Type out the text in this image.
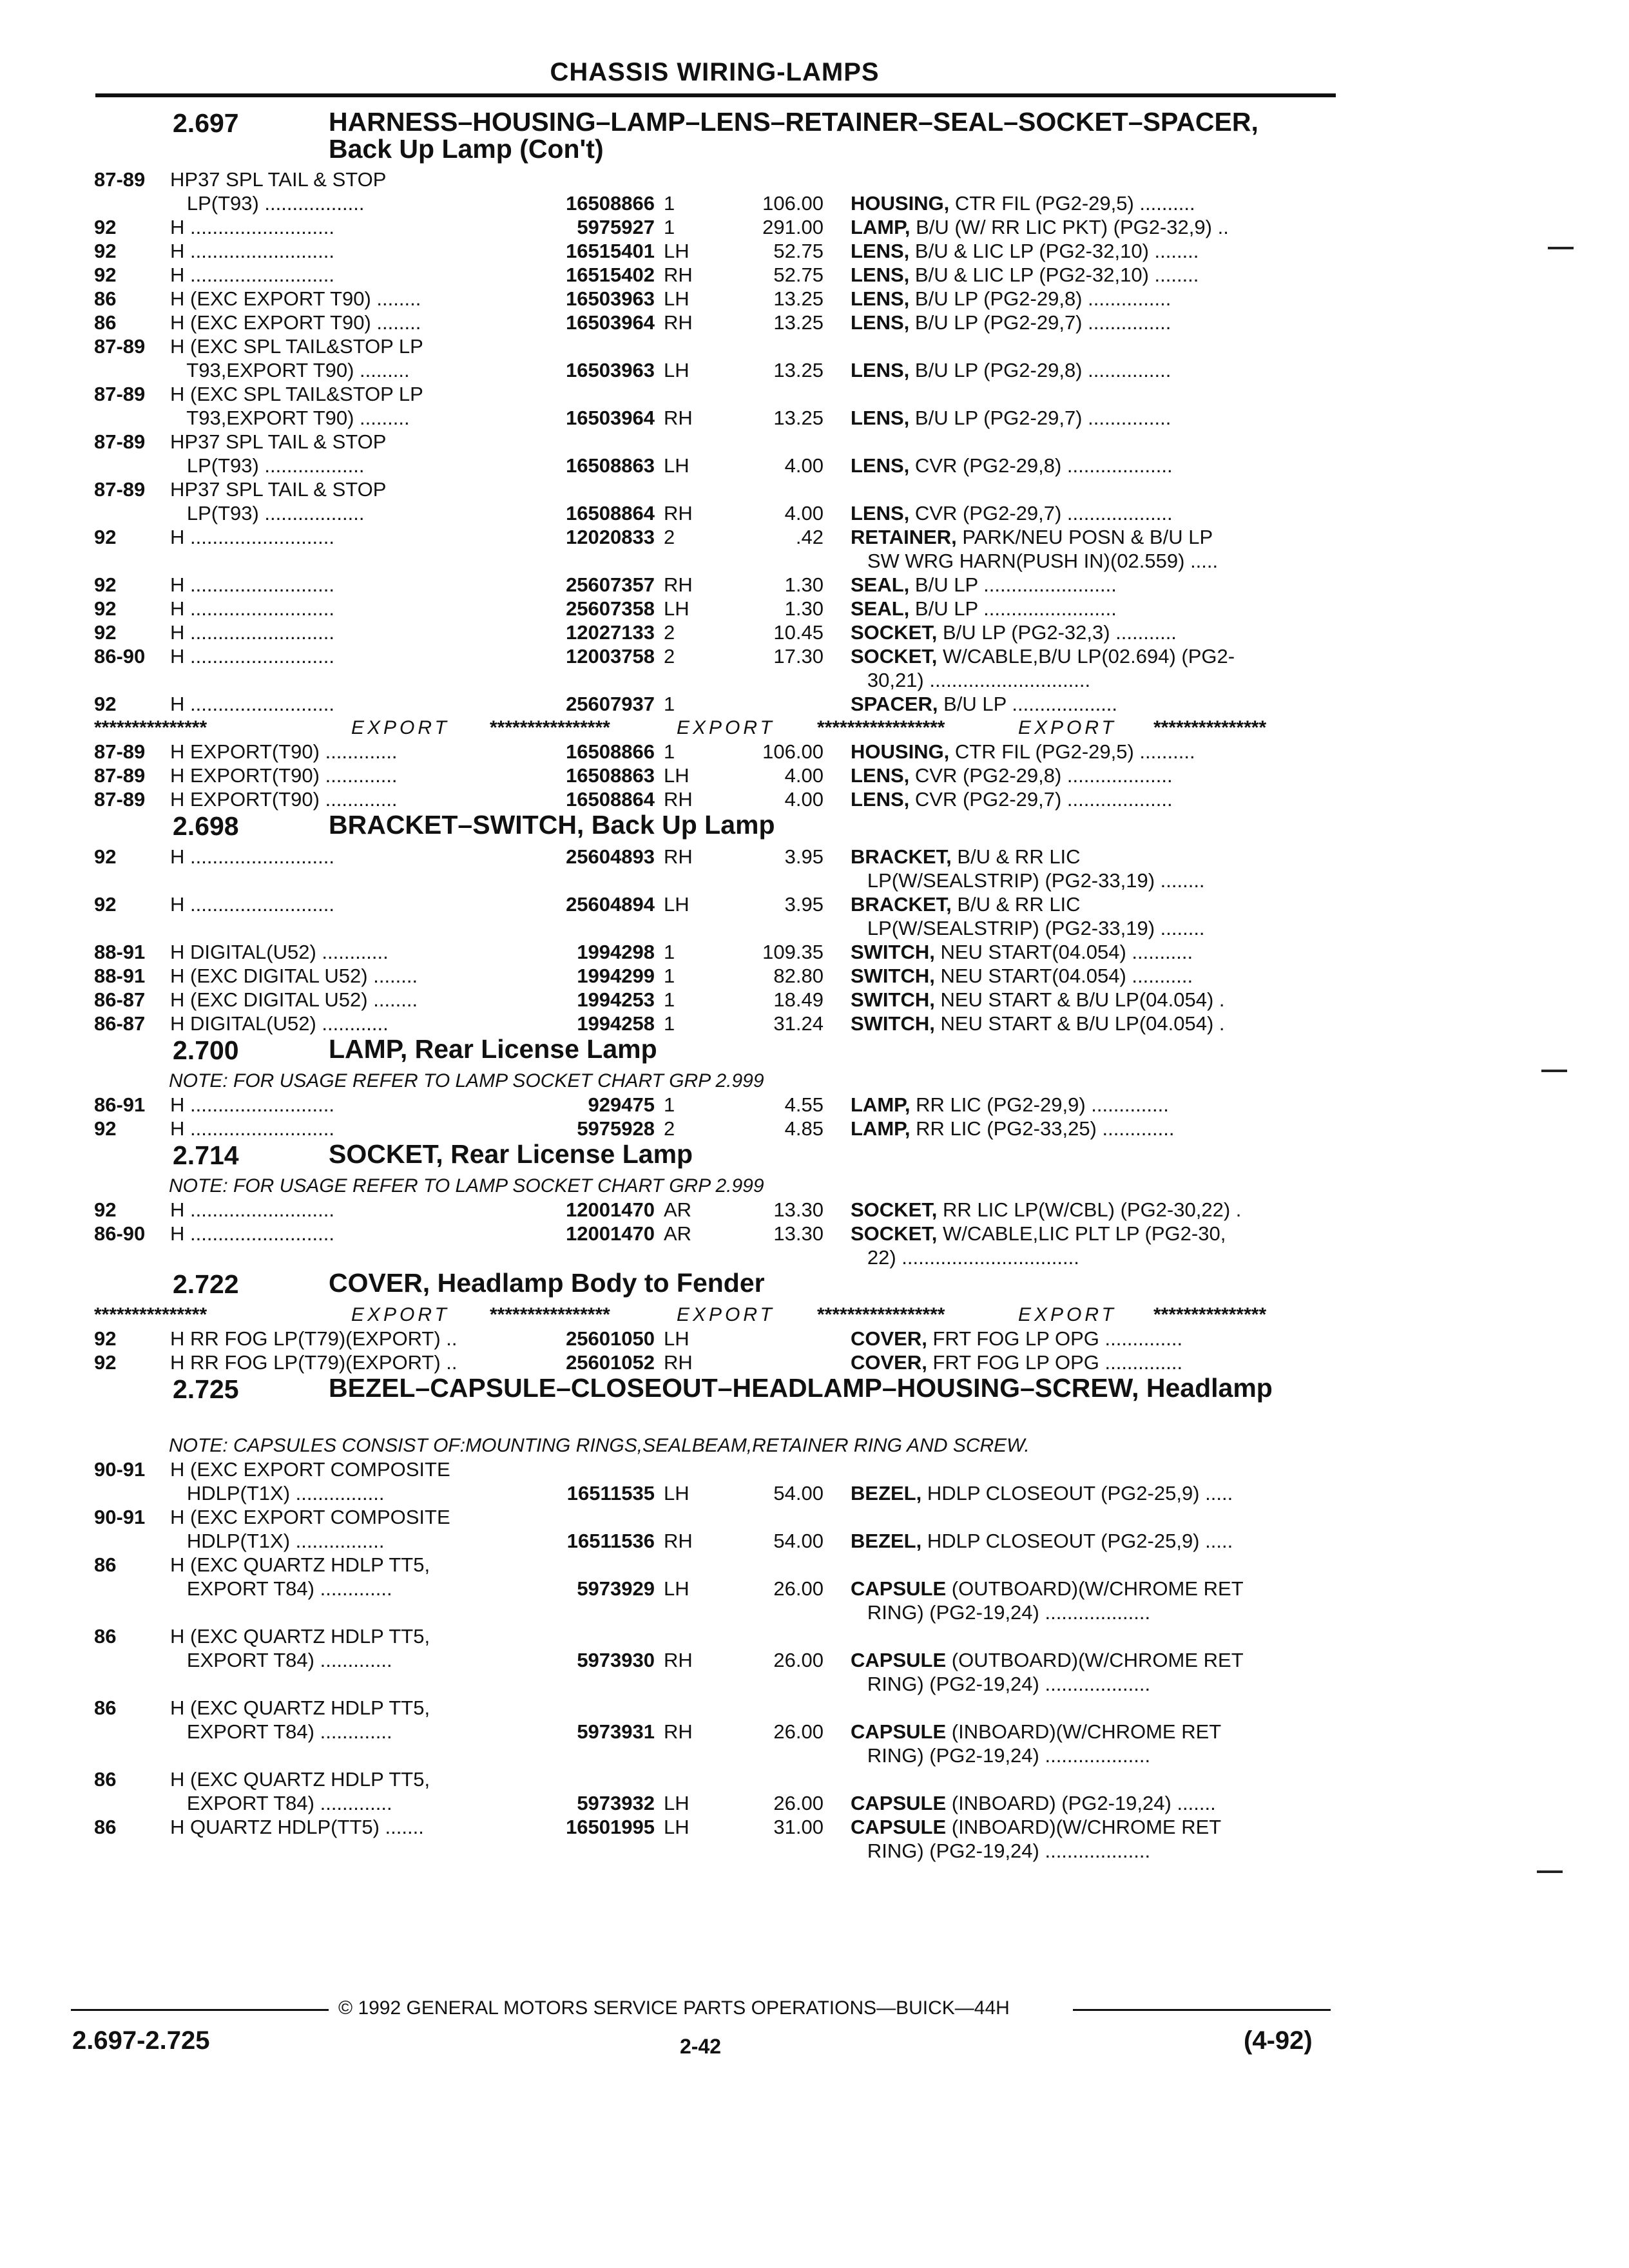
CHASSIS WIRING-LAMPS
2.697	HARNESS–HOUSING–LAMP–LENS–RETAINER–SEAL–SOCKET–SPACER, Back Up Lamp (Con't)
87-89 HP37 SPL TAIL & STOP
LP(T93) ..................	16508866 1	106.00 HOUSING, CTR FIL (PG2-29,5) ..........
92	H ..........................	5975927 1	291.00 LAMP, B/U (W/ RR LIC PKT) (PG2-32,9) ..
92	H ..........................	16515401 LH	52.75 LENS, B/U & LIC LP (PG2-32,10) ........
92	H ..........................	16515402 RH	52.75 LENS, B/U & LIC LP (PG2-32,10) ........
86	H (EXC EXPORT T90) ........	16503963 LH	13.25 LENS, B/U LP (PG2-29,8) ...............
86	H (EXC EXPORT T90) ........	16503964 RH	13.25 LENS, B/U LP (PG2-29,7) ...............
87-89 H (EXC SPL TAIL&STOP LP
T93,EXPORT T90) .........	16503963 LH	13.25 LENS, B/U LP (PG2-29,8) ...............
87-89 H (EXC SPL TAIL&STOP LP
T93,EXPORT T90) .........	16503964 RH	13.25 LENS, B/U LP (PG2-29,7) ...............
87-89 HP37 SPL TAIL & STOP
LP(T93) ..................	16508863 LH	4.00 LENS, CVR (PG2-29,8) ...................
87-89 HP37 SPL TAIL & STOP
LP(T93) ..................	16508864 RH	4.00 LENS, CVR (PG2-29,7) ...................
92	H ..........................	12020833 2	.42 RETAINER, PARK/NEU POSN & B/U LP
SW WRG HARN(PUSH IN)(02.559) .....
92	H ..........................	25607357 RH	1.30 SEAL, B/U LP ........................
92	H ..........................	25607358 LH	1.30 SEAL, B/U LP ........................
92	H ..........................	12027133 2	10.45 SOCKET, B/U LP (PG2-32,3) ...........
86-90 H ..........................	12003758 2	17.30 SOCKET, W/CABLE,B/U LP(02.694) (PG2-
30,21) .............................
92	H ..........................	25607937 1	SPACER, B/U LP ...................
***************	EXPORT ****************	EXPORT *****************	EXPORT ***************
87-89 H EXPORT(T90) .............	16508866 1	106.00 HOUSING, CTR FIL (PG2-29,5) ..........
87-89 H EXPORT(T90) .............	16508863 LH	4.00 LENS, CVR (PG2-29,8) ...................
87-89 H EXPORT(T90) .............	16508864 RH	4.00 LENS, CVR (PG2-29,7) ...................
2.698	BRACKET–SWITCH, Back Up Lamp
92	H ..........................	25604893 RH	3.95 BRACKET, B/U & RR LIC
LP(W/SEALSTRIP) (PG2-33,19) ........
92	H ..........................	25604894 LH	3.95 BRACKET, B/U & RR LIC
LP(W/SEALSTRIP) (PG2-33,19) ........
88-91 H DIGITAL(U52) ............	1994298 1	109.35 SWITCH, NEU START(04.054) ...........
88-91 H (EXC DIGITAL U52) ........	1994299 1	82.80 SWITCH, NEU START(04.054) ...........
86-87 H (EXC DIGITAL U52) ........	1994253 1	18.49 SWITCH, NEU START & B/U LP(04.054) .
86-87 H DIGITAL(U52) ............	1994258 1	31.24 SWITCH, NEU START & B/U LP(04.054) .
2.700	LAMP, Rear License Lamp
NOTE: FOR USAGE REFER TO LAMP SOCKET CHART GRP 2.999
86-91 H ..........................	929475 1	4.55 LAMP, RR LIC (PG2-29,9) ..............
92	H ..........................	5975928 2	4.85 LAMP, RR LIC (PG2-33,25) .............
2.714	SOCKET, Rear License Lamp
NOTE: FOR USAGE REFER TO LAMP SOCKET CHART GRP 2.999
92	H ..........................	12001470 AR	13.30 SOCKET, RR LIC LP(W/CBL) (PG2-30,22) .
86-90 H ..........................	12001470 AR	13.30 SOCKET, W/CABLE,LIC PLT LP (PG2-30,
22) ................................
2.722	COVER, Headlamp Body to Fender
***************	EXPORT ****************	EXPORT *****************	EXPORT ***************
92	H RR FOG LP(T79)(EXPORT) ..	25601050 LH	COVER, FRT FOG LP OPG ..............
92	H RR FOG LP(T79)(EXPORT) ..	25601052 RH	COVER, FRT FOG LP OPG ..............
2.725	BEZEL–CAPSULE–CLOSEOUT–HEADLAMP–HOUSING–SCREW, Headlamp
NOTE: CAPSULES CONSIST OF:MOUNTING RINGS,SEALBEAM,RETAINER RING AND SCREW.
90-91 H (EXC EXPORT COMPOSITE
HDLP(T1X) ................	16511535 LH	54.00 BEZEL, HDLP CLOSEOUT (PG2-25,9) .....
90-91 H (EXC EXPORT COMPOSITE
HDLP(T1X) ................	16511536 RH	54.00 BEZEL, HDLP CLOSEOUT (PG2-25,9) .....
86	H (EXC QUARTZ HDLP TT5,
EXPORT T84) .............	5973929 LH	26.00 CAPSULE (OUTBOARD)(W/CHROME RET
RING) (PG2-19,24) ...................
86	H (EXC QUARTZ HDLP TT5,
EXPORT T84) .............	5973930 RH	26.00 CAPSULE (OUTBOARD)(W/CHROME RET
RING) (PG2-19,24) ...................
86	H (EXC QUARTZ HDLP TT5,
EXPORT T84) .............	5973931 RH	26.00 CAPSULE (INBOARD)(W/CHROME RET
RING) (PG2-19,24) ...................
86	H (EXC QUARTZ HDLP TT5,
EXPORT T84) .............	5973932 LH	26.00 CAPSULE (INBOARD) (PG2-19,24) .......
86	H QUARTZ HDLP(TT5) .......	16501995 LH	31.00 CAPSULE (INBOARD)(W/CHROME RET
RING) (PG2-19,24) ...................
© 1992 GENERAL MOTORS SERVICE PARTS OPERATIONS—BUICK—44H
2.697-2.725	2-42	(4-92)
